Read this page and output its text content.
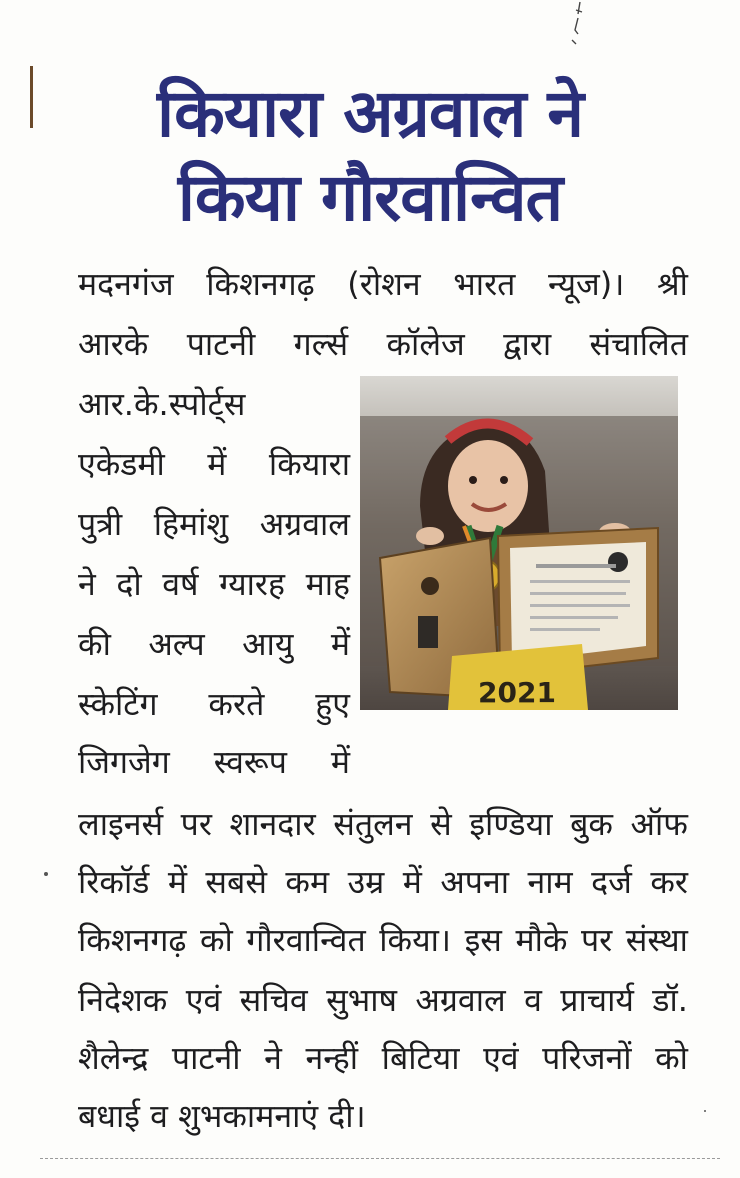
कियारा अग्रवाल ने
किया गौरवान्वित
मदनगंज किशनगढ़ (रोशन भारत न्यूज)। श्री
आरके पाटनी गर्ल्स कॉलेज द्वारा संचालित
आर.के.स्पोर्ट्स
एकेडमी में कियारा
पुत्री हिमांशु अग्रवाल
ने दो वर्ष ग्यारह माह
की अल्प आयु में
स्केटिंग करते हुए
जिगजेग स्वरूप में
लाइनर्स पर शानदार संतुलन से इण्डिया बुक ऑफ
रिकॉर्ड में सबसे कम उम्र में अपना नाम दर्ज कर
किशनगढ़ को गौरवान्वित किया। इस मौके पर संस्था
निदेशक एवं सचिव सुभाष अग्रवाल व प्राचार्य डॉ.
शैलेन्द्र पाटनी ने नन्हीं बिटिया एवं परिजनों को
बधाई व शुभकामनाएं दी।
2021
